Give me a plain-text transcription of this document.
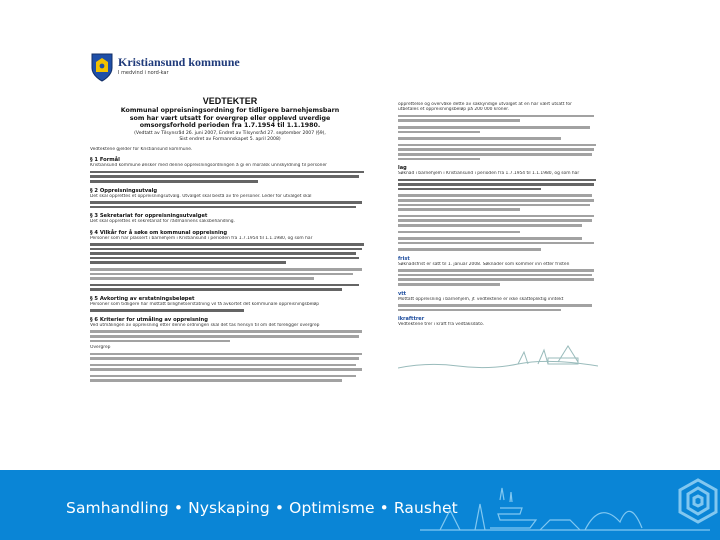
Kristiansund kommune
I medvind i nord-kar
VEDTEKTER
Kommunal oppreisningsordning for tidligere barnehjemsbarn
som har vært utsatt for overgrep eller opplevd uverdige
omsorgsforhold perioden fra 1.7.1954 til 1.1.1980.
(Vedtatt av Tilsynsråd 26. juni 2007, Endret av Tilsynsråd 27. september 2007 (§9),
Sist endret av Formannskapet 5. april 2008)
Vedtektene gjelder for Kristiansund kommune.
§ 1 Formål
Kristiansund kommune ønsker med denne oppreisningsordningen å gi en moralsk unnskyldning til personer
§ 2 Oppreisningsutvalg
Det skal opprettes et oppreisningsutvalg. Utvalget skal bestå av tre personer. Leder for utvalget skal
§ 3 Sekretariat for oppreisningsutvalget
Det skal opprettes et sekretariat for rådmannens saksbehandling.
§ 4 Vilkår for å søke om kommunal oppreisning
Personer som har plassert i barnehjem i Kristiansund i perioden fra 1.7.1954 til 1.1.1980, og som har
§ 5 Avkorting av erstatningsbeløpet
Personer som tidligere har mottatt billighetserstatning vil få avkortet det kommunale oppreisningsbeløp
§ 6 Kriterier for utmåling av oppreisning
Ved utmålingen av oppreisning etter denne ordningen skal det tas hensyn til om det foreligger overgrep
Overgrep
opprettelse og overvåke dette av sakkyndige utvalget at en har vært utsatt for
utbetales et oppreisningsbeløp på 200 000 kroner.
lag
Søknad i barnehjem i Kristiansund i perioden fra 1.7.1954 til 1.1.1980, og som har
frist
Søknadsfrist er satt til 1. januar 2008. Søknader som kommer inn etter fristen
vtt
Mottatt oppreisning i barnehjem, jf. vedtektene er ikke skattepliktig inntekt
ikrafttrer
Vedtektene trer i kraft fra vedtaksdato.
Samhandling • Nyskaping • Optimisme • Raushet
